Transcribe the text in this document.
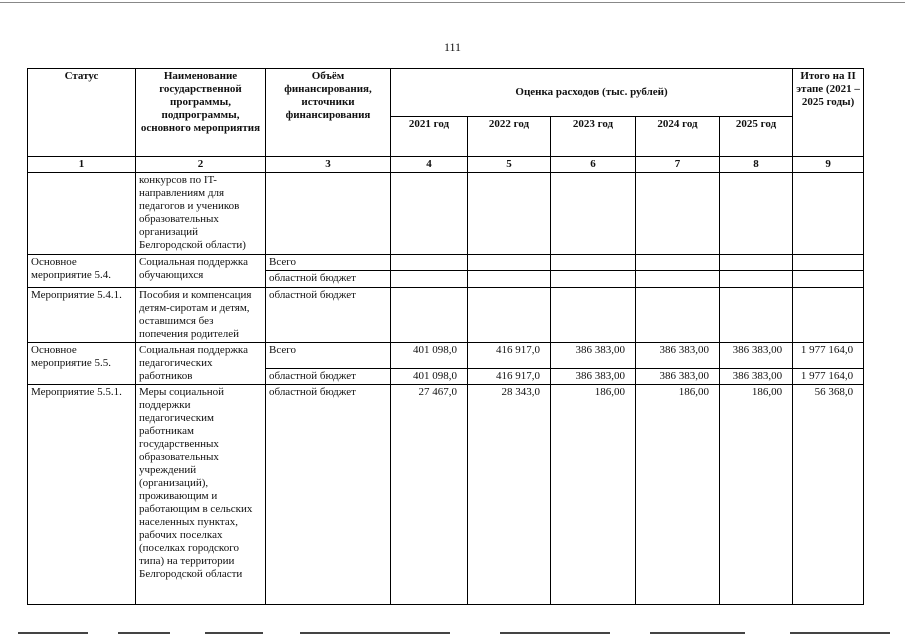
111
Статус	Наименование государственной программы, подпрограммы, основного мероприятия	Объём финансирования, источники финансирования	Оценка расходов (тыс. рублей)					Итого на II этапе (2021 – 2025 годы)
			2021 год	2022 год	2023 год	2024 год	2025 год	
1	2	3	4	5	6	7	8	9
	конкурсов по IT-направлениям для педагогов и учеников образовательных организаций Белгородской области)							
Основное мероприятие 5.4.	Социальная поддержка обучающихся	Всего						
		областной бюджет						
Мероприятие 5.4.1.	Пособия и компенсация детям-сиротам и детям, оставшимся без попечения родителей	областной бюджет						
Основное мероприятие 5.5.	Социальная поддержка педагогических работников	Всего	401 098,0	416 917,0	386 383,00	386 383,00	386 383,00	1 977 164,0
		областной бюджет	401 098,0	416 917,0	386 383,00	386 383,00	386 383,00	1 977 164,0
Мероприятие 5.5.1.	Меры социальной поддержки педагогическим работникам государственных образовательных учреждений (организаций), проживающим и работающим в сельских населенных пунктах, рабочих поселках (поселках городского типа) на территории Белгородской области	областной бюджет	27 467,0	28 343,0	186,00	186,00	186,00	56 368,0
